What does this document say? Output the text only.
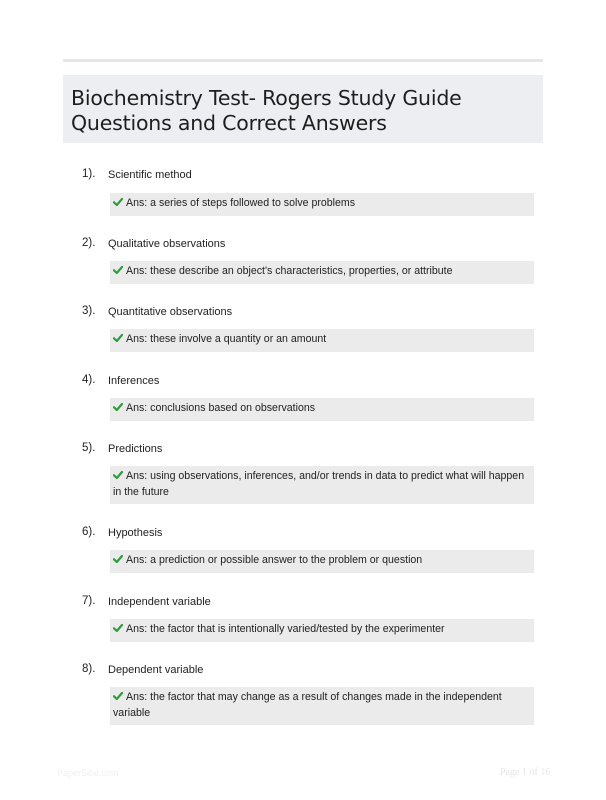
Biochemistry Test- Rogers Study Guide
Questions and Correct Answers
1). Scientific method
Ans: a series of steps followed to solve problems
2). Qualitative observations
Ans: these describe an object's characteristics, properties, or attribute
3). Quantitative observations
Ans: these involve a quantity or an amount
4). Inferences
Ans: conclusions based on observations
5). Predictions
Ans: using observations, inferences, and/or trends in data to predict what will happen in the future
6). Hypothesis
Ans: a prediction or possible answer to the problem or question
7). Independent variable
Ans: the factor that is intentionally varied/tested by the experimenter
8). Dependent variable
Ans: the factor that may change as a result of changes made in the independent variable
PaperSibe.com	Page 1 of 16
